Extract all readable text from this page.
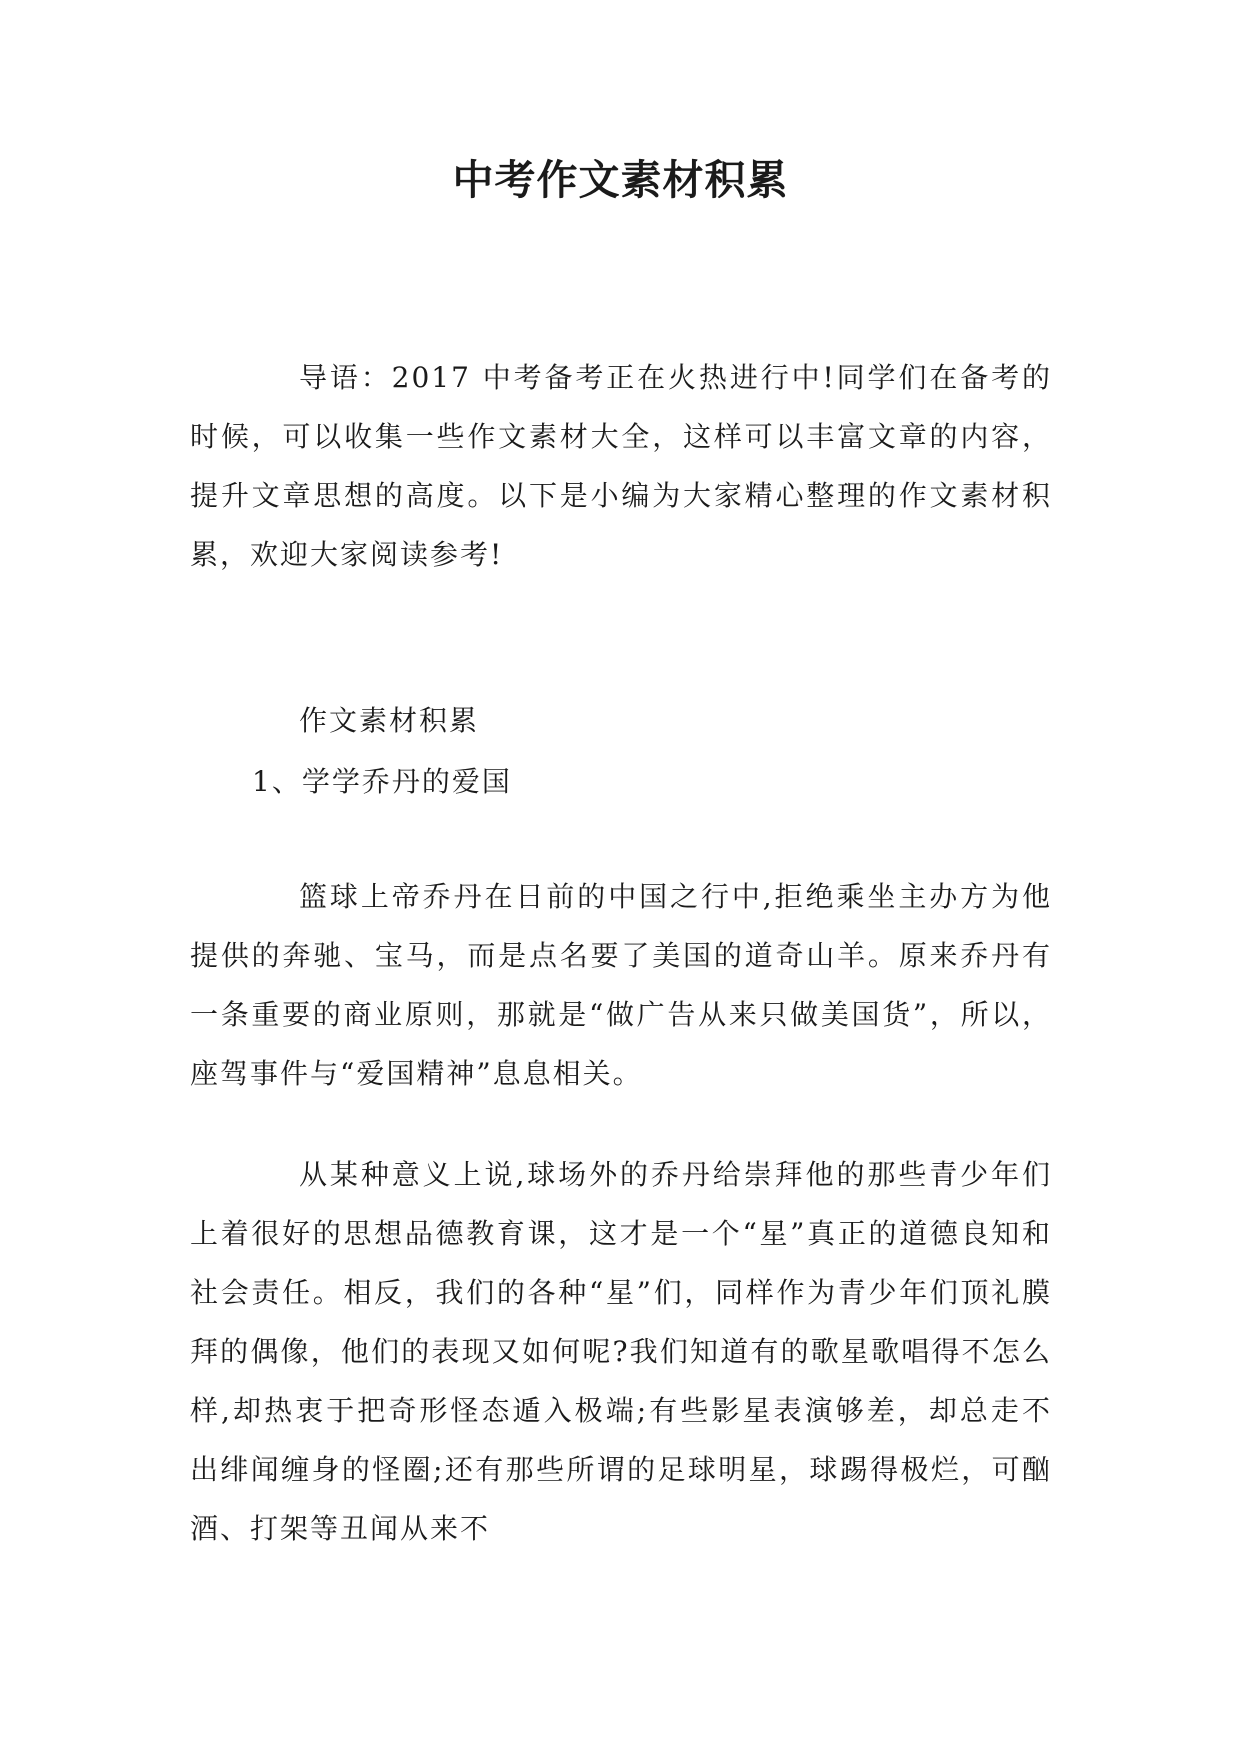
中考作文素材积累

导语：2017 中考备考正在火热进行中!同学们在备考的时候，可以收集一些作文素材大全，这样可以丰富文章的内容，提升文章思想的高度。以下是小编为大家精心整理的作文素材积累，欢迎大家阅读参考!

作文素材积累
1、学学乔丹的爱国

篮球上帝乔丹在日前的中国之行中,拒绝乘坐主办方为他提供的奔驰、宝马，而是点名要了美国的道奇山羊。原来乔丹有一条重要的商业原则，那就是“做广告从来只做美国货”，所以，座驾事件与“爱国精神”息息相关。

从某种意义上说,球场外的乔丹给崇拜他的那些青少年们上着很好的思想品德教育课，这才是一个“星”真正的道德良知和社会责任。相反，我们的各种“星”们，同样作为青少年们顶礼膜拜的偶像，他们的表现又如何呢?我们知道有的歌星歌唱得不怎么样,却热衷于把奇形怪态遁入极端;有些影星表演够差，却总走不出绯闻缠身的怪圈;还有那些所谓的足球明星，球踢得极烂，可酗酒、打架等丑闻从来不
